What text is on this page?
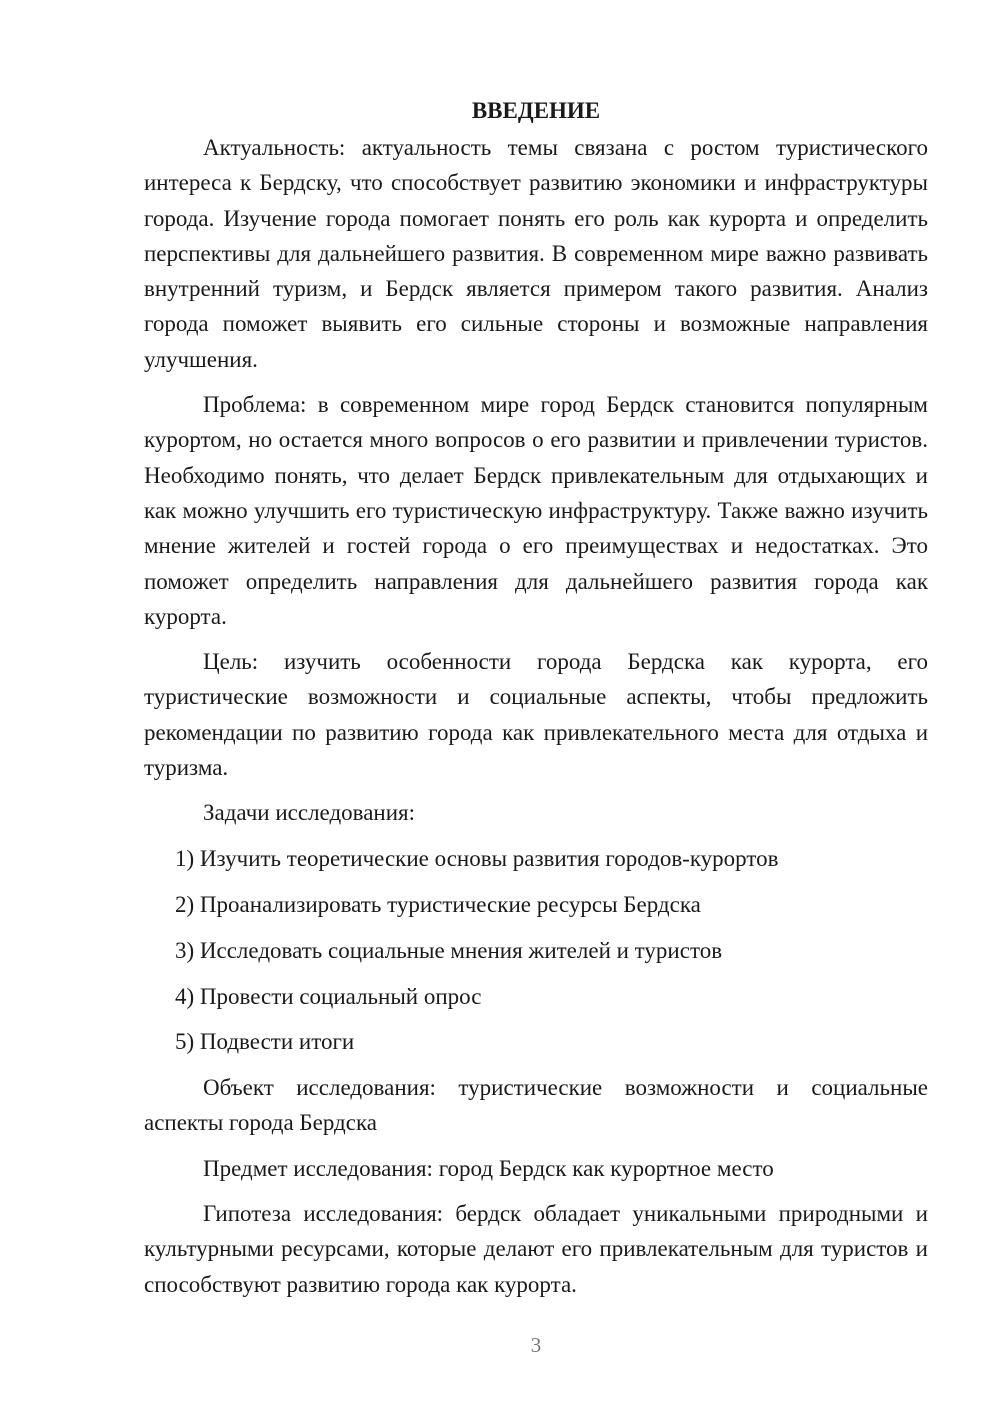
ВВЕДЕНИЕ

Актуальность: актуальность темы связана с ростом туристического интереса к Бердску, что способствует развитию экономики и инфраструктуры города. Изучение города помогает понять его роль как курорта и определить перспективы для дальнейшего развития. В современном мире важно развивать внутренний туризм, и Бердск является примером такого развития. Анализ города поможет выявить его сильные стороны и возможные направления улучшения.

Проблема: в современном мире город Бердск становится популярным курортом, но остается много вопросов о его развитии и привлечении туристов. Необходимо понять, что делает Бердск привлекательным для отдыхающих и как можно улучшить его туристическую инфраструктуру. Также важно изучить мнение жителей и гостей города о его преимуществах и недостатках. Это поможет определить направления для дальнейшего развития города как курорта.

Цель: изучить особенности города Бердска как курорта, его туристические возможности и социальные аспекты, чтобы предложить рекомендации по развитию города как привлекательного места для отдыха и туризма.

Задачи исследования:

1) Изучить теоретические основы развития городов-курортов
2) Проанализировать туристические ресурсы Бердска
3) Исследовать социальные мнения жителей и туристов
4) Провести социальный опрос
5) Подвести итоги

Объект исследования: туристические возможности и социальные аспекты города Бердска

Предмет исследования: город Бердск как курортное место

Гипотеза исследования: бердск обладает уникальными природными и культурными ресурсами, которые делают его привлекательным для туристов и способствуют развитию города как курорта.

3
